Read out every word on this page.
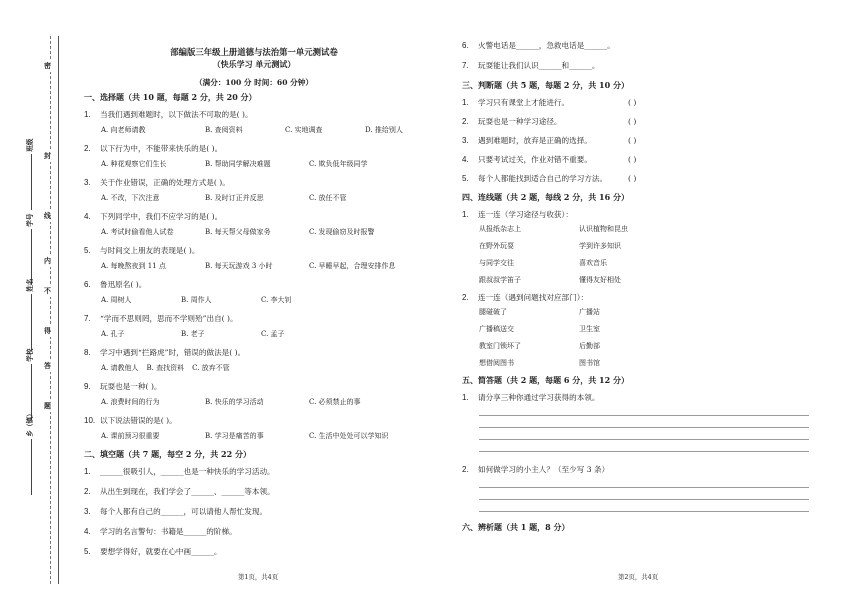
密
封
线
内
不
得
答
题
班级
学号
姓名
学校
乡（镇）
部编版三年级上册道德与法治第一单元测试卷
（快乐学习 单元测试）
（满分：100 分 时间：60 分钟）
一、选择题（共 10 题，每题 2 分，共 20 分）
1. 当我们遇到难题时，以下做法不可取的是( )。
A. 向老师请教	B. 查阅资料	C. 实地调查	D. 推给别人
2. 以下行为中，不能带来快乐的是( )。
A. 种花观察它们生长	B. 帮助同学解决难题	C. 欺负低年级同学
3. 关于作业错误，正确的处理方式是( )。
A. 不改，下次注意	B. 及时订正并反思	C. 放任不管
4. 下列同学中，我们不应学习的是( )。
A. 考试时偷看他人试卷	B. 每天帮父母做家务	C. 发现偷窃及时报警
5. 与时间交上朋友的表现是( )。
A. 每晚熬夜到 11 点	B. 每天玩游戏 3 小时	C. 早睡早起，合理安排作息
6. 鲁迅原名( )。
A. 周树人	B. 周作人	C. 李大钊
7. “学而不思则罔，思而不学则殆”出自( )。
A. 孔子	B. 老子	C. 孟子
8. 学习中遇到“拦路虎”时，错误的做法是( )。
A. 请教他人 B. 查找资料 C. 放弃不管
9. 玩耍也是一种( )。
A. 浪费时间的行为	B. 快乐的学习活动	C. 必须禁止的事
10. 以下说法错误的是( )。
A. 课前预习很重要	B. 学习是痛苦的事	C. 生活中处处可以学知识
二、填空题（共 7 题，每空 2 分，共 22 分）
1. ______很吸引人，______也是一种快乐的学习活动。
2. 从出生到现在，我们学会了______、______等本领。
3. 每个人都有自己的______，可以请他人帮忙发现。
4. 学习的名言警句：书籍是______的阶梯。
5. 要想学得好，就要在心中画______。
6. 火警电话是______，急救电话是______。
7. 玩耍能让我们认识______和______。
三、判断题（共 5 题，每题 2 分，共 10 分）
1. 学习只有课堂上才能进行。	( )
2. 玩耍也是一种学习途径。	( )
3. 遇到难题时，放弃是正确的选择。	( )
4. 只要考试过关，作业对错不重要。	( )
5. 每个人都能找到适合自己的学习方法。	( )
四、连线题（共 2 题，每线 2 分，共 16 分）
1. 连一连（学习途径与收获）：
从报纸杂志上	认识植物和昆虫
在野外玩耍	学到许多知识
与同学交往	喜欢音乐
跟叔叔学笛子	懂得友好相处
2. 连一连（遇到问题找对应部门）：
腿碰破了	广播站
广播稿送交	卫生室
教室门锁坏了	后勤部
想借阅图书	图书馆
五、简答题（共 2 题，每题 6 分，共 12 分）
1. 请分享三种你通过学习获得的本领。
2. 如何做学习的小主人？（至少写 3 条）
六、辨析题（共 1 题，8 分）
第1页，共4页	第2页，共4页
